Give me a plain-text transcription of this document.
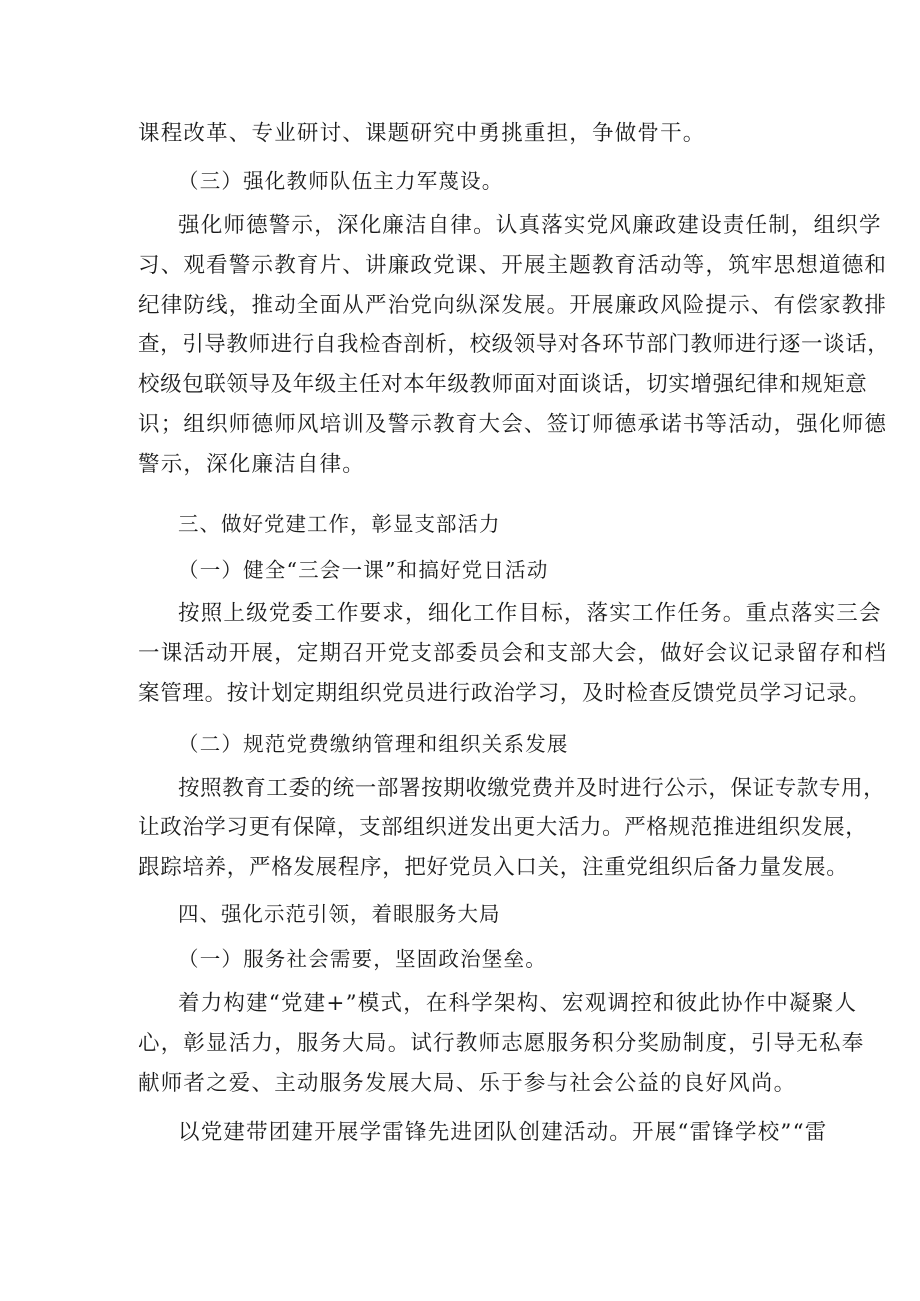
课程改革、专业研讨、课题研究中勇挑重担，争做骨干。
（三）强化教师队伍主力军蔑设。
强化师德警示，深化廉洁自律。认真落实党风廉政建设责任制，组织学
习、观看警示教育片、讲廉政党课、开展主题教育活动等，筑牢思想道德和
纪律防线，推动全面从严治党向纵深发展。开展廉政风险提示、有偿家教排
查，引导教师进行自我检杳剖析，校级领导对各环节部门教师进行逐一谈话，
校级包联领导及年级主任对本年级教师面对面谈话，切实增强纪律和规矩意
识；组织师德师风培训及警示教育大会、签订师德承诺书等活动，强化师德
警示，深化廉洁自律。
三、做好党建工作，彰显支部活力
（一）健全“三会一课”和搞好党日活动
按照上级党委工作要求，细化工作目标，落实工作任务。重点落实三会
一课活动开展，定期召开党支部委员会和支部大会，做好会议记录留存和档
案管理。按计划定期组织党员进行政治学习，及时检查反馈党员学习记录。
（二）规范党费缴纳管理和组织关系发展
按照教育工委的统一部署按期收缴党费并及时进行公示，保证专款专用，
让政治学习更有保障，支部组织迸发出更大活力。严格规范推进组织发展，
跟踪培养，严格发展程序，把好党员入口关，注重党组织后备力量发展。
四、强化示范引领，着眼服务大局
（一）服务社会需要，坚固政治堡垒。
着力构建“党建+”模式，在科学架构、宏观调控和彼此协作中凝聚人
心，彰显活力，服务大局。试行教师志愿服务积分奖励制度，引导无私奉
献师者之爱、主动服务发展大局、乐于参与社会公益的良好风尚。
以党建带团建开展学雷锋先进团队创建活动。开展“雷锋学校”“雷
